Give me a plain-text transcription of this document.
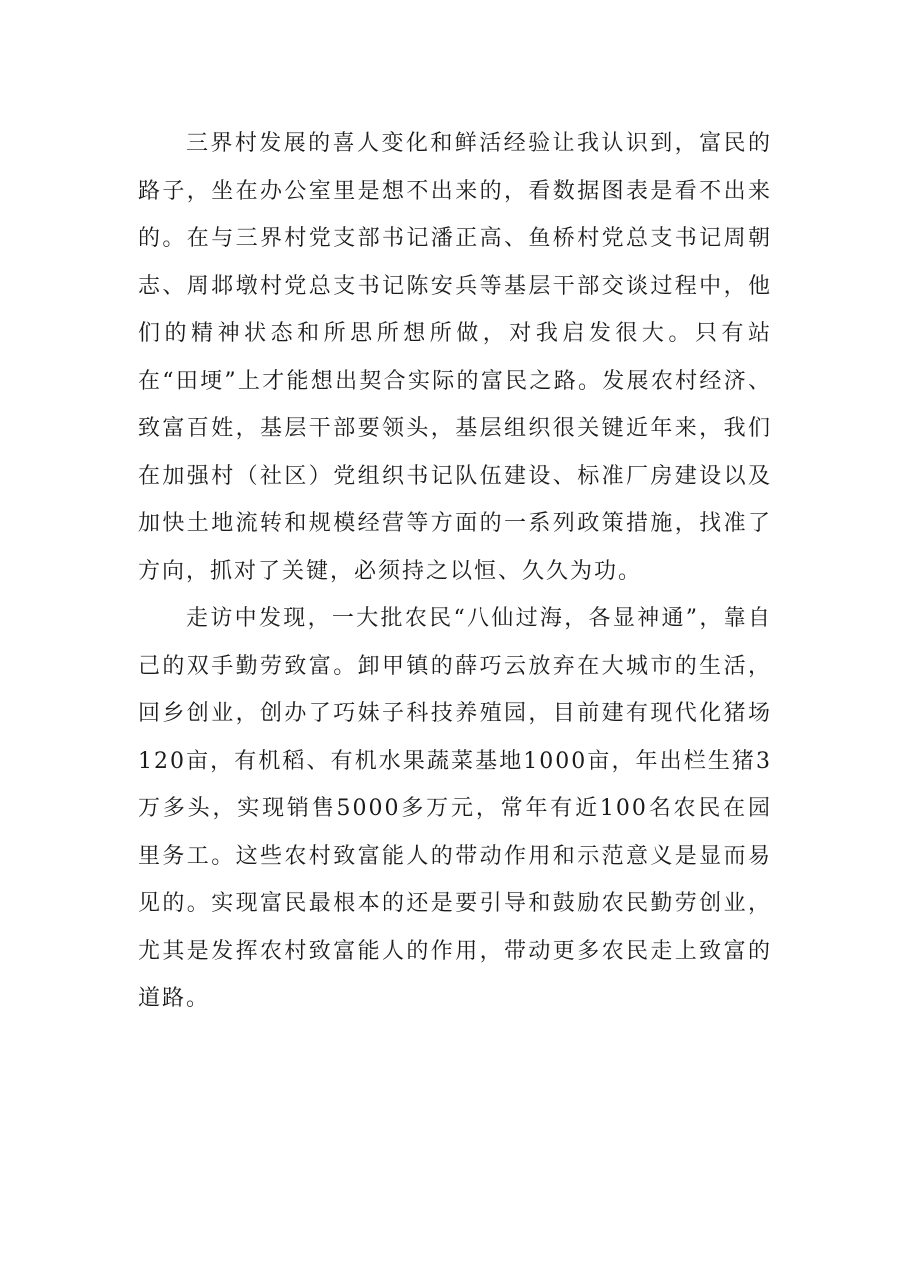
三界村发展的喜人变化和鲜活经验让我认识到，富民的路子，坐在办公室里是想不出来的，看数据图表是看不出来的。在与三界村党支部书记潘正高、鱼桥村党总支书记周朝志、周邶墩村党总支书记陈安兵等基层干部交谈过程中，他们的精神状态和所思所想所做，对我启发很大。只有站在“田埂”上才能想出契合实际的富民之路。发展农村经济、致富百姓，基层干部要领头，基层组织很关键近年来，我们在加强村（社区）党组织书记队伍建设、标准厂房建设以及加快土地流转和规模经营等方面的一系列政策措施，找准了方向，抓对了关键，必须持之以恒、久久为功。

走访中发现，一大批农民“八仙过海，各显神通”，靠自己的双手勤劳致富。卸甲镇的薛巧云放弃在大城市的生活，回乡创业，创办了巧妹子科技养殖园，目前建有现代化猪场120亩，有机稻、有机水果蔬菜基地1000亩，年出栏生猪3万多头，实现销售5000多万元，常年有近100名农民在园里务工。这些农村致富能人的带动作用和示范意义是显而易见的。实现富民最根本的还是要引导和鼓励农民勤劳创业，尤其是发挥农村致富能人的作用，带动更多农民走上致富的道路。
